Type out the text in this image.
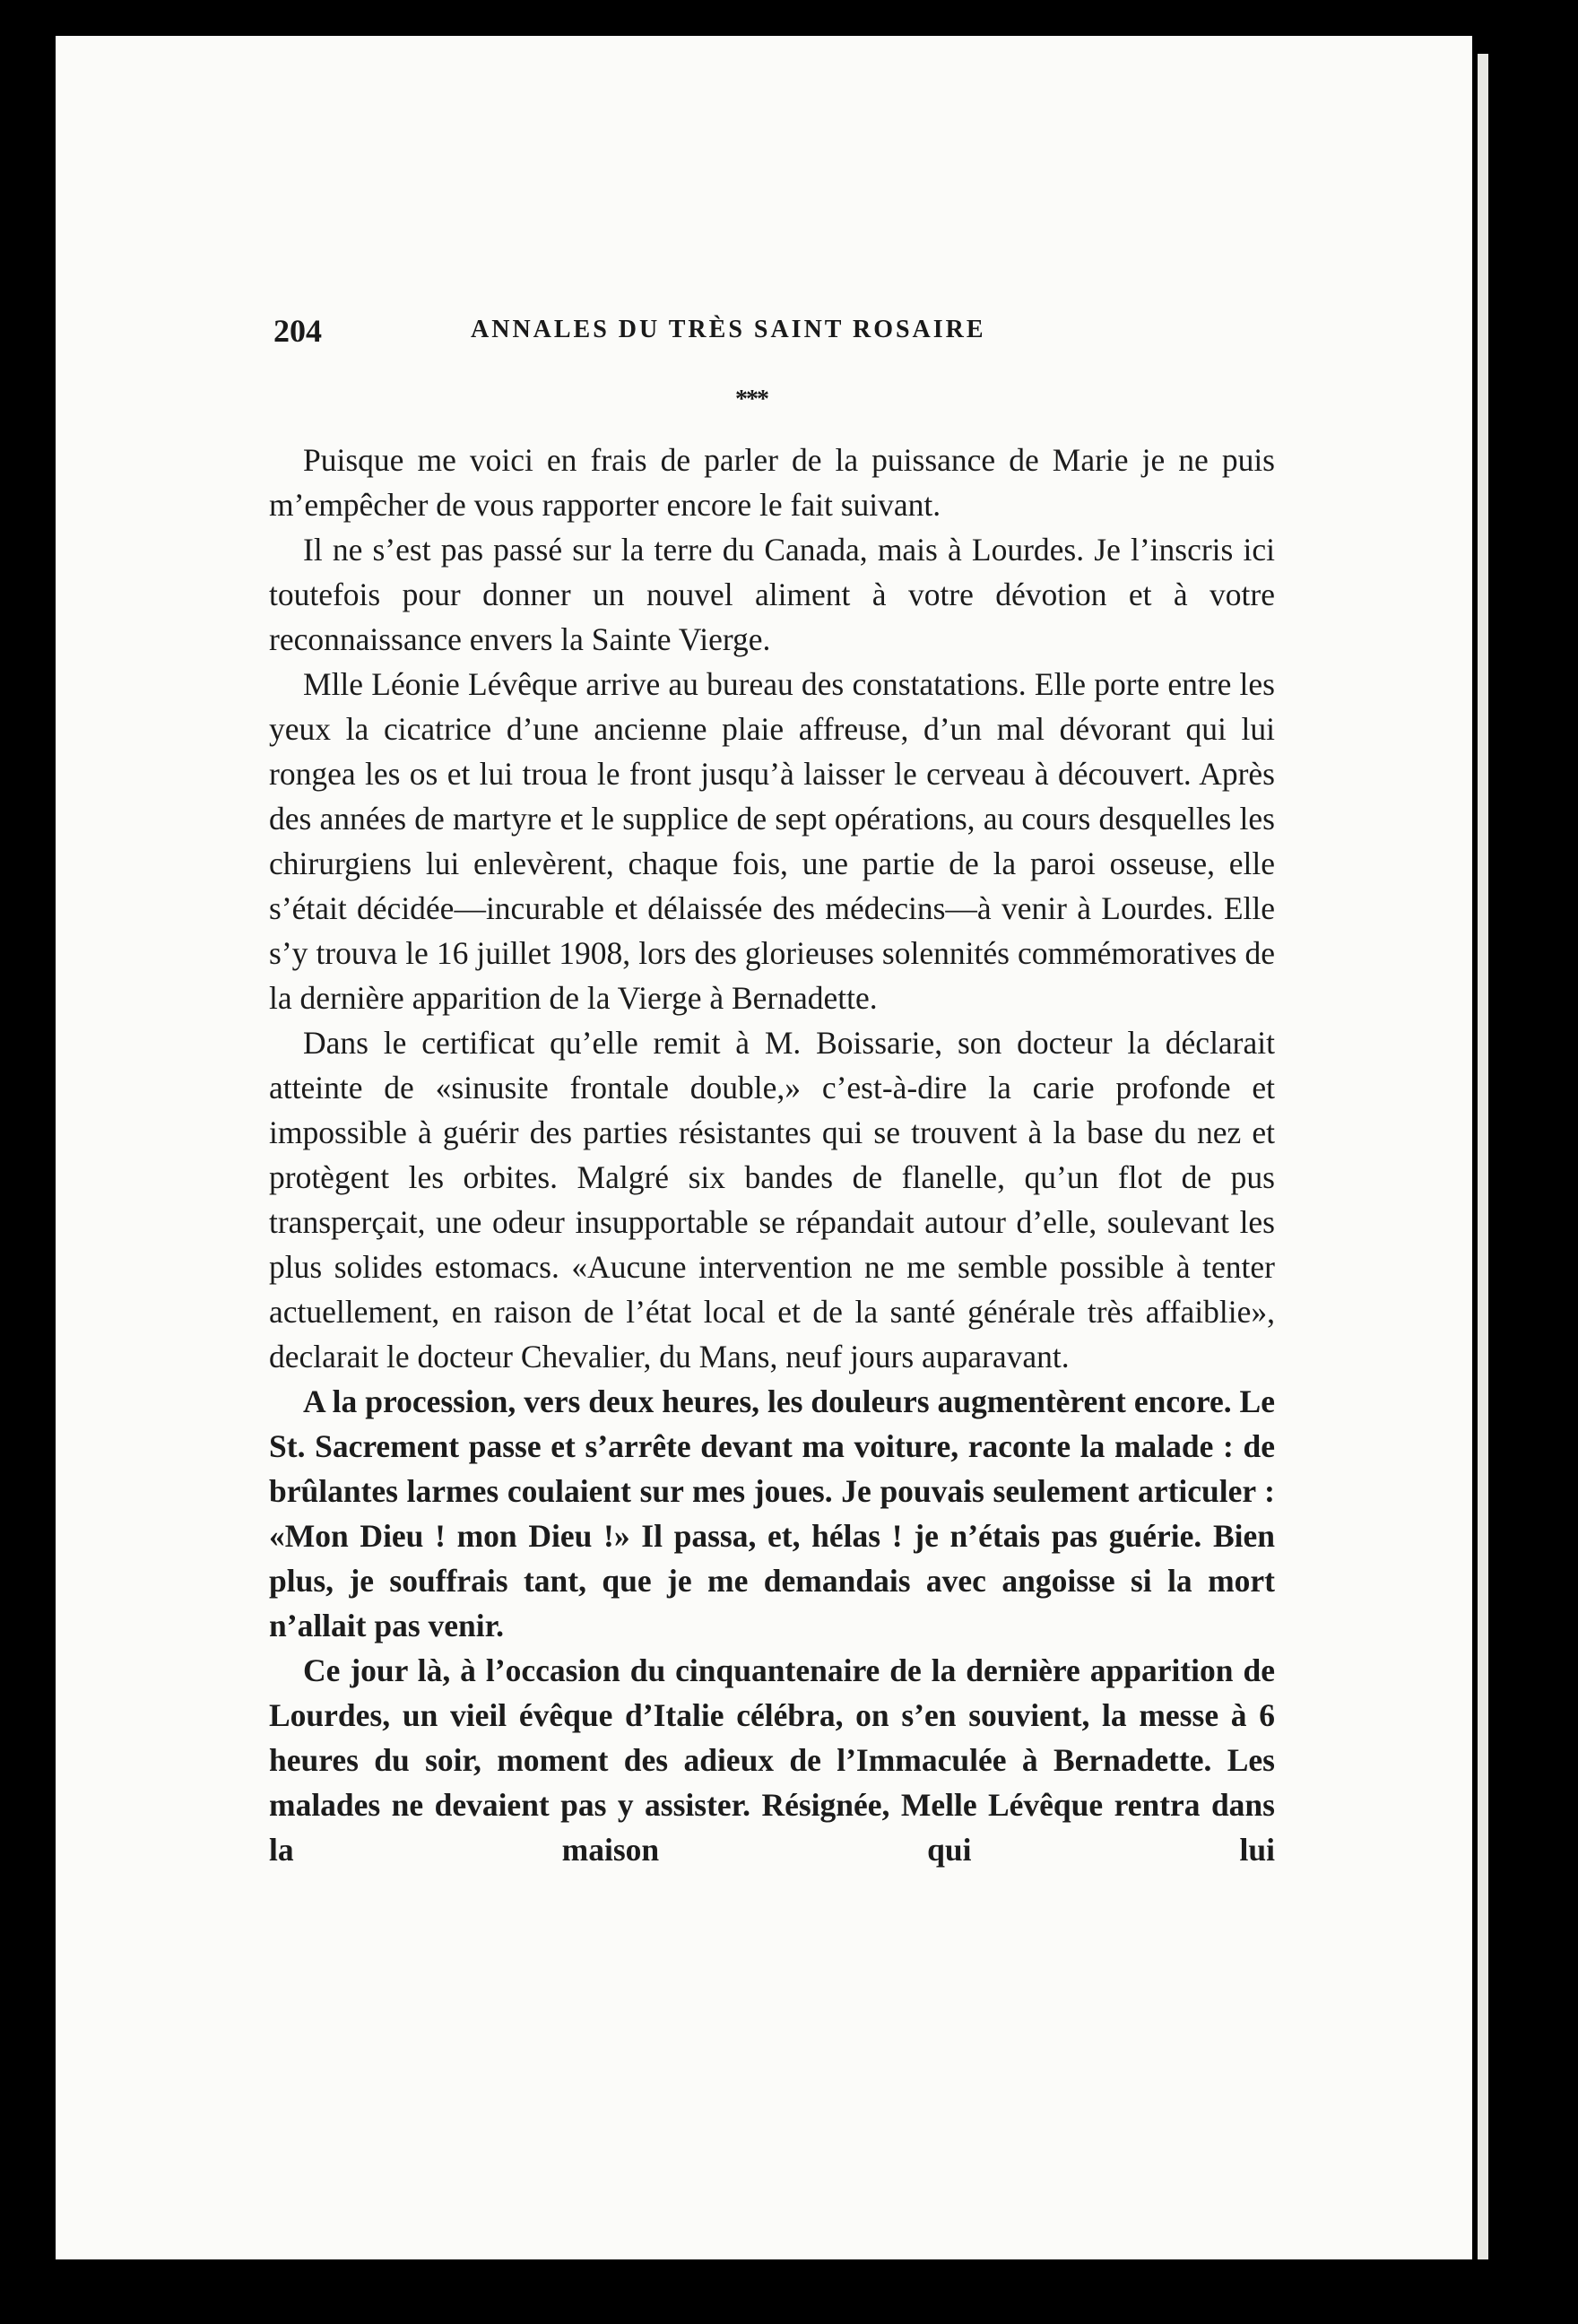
204	ANNALES DU TRÈS SAINT ROSAIRE
***

Puisque me voici en frais de parler de la puissance de Marie je ne puis m’empêcher de vous rapporter encore le fait suivant.

Il ne s’est pas passé sur la terre du Canada, mais à Lourdes. Je l’inscris ici toutefois pour donner un nouvel aliment à votre dévotion et à votre reconnaissance envers la Sainte Vierge.

Mlle Léonie Lévêque arrive au bureau des constatations. Elle porte entre les yeux la cicatrice d’une ancienne plaie affreuse, d’un mal dévorant qui lui rongea les os et lui troua le front jusqu’à laisser le cerveau à découvert. Après des années de martyre et le supplice de sept opérations, au cours desquelles les chirurgiens lui enlevèrent, chaque fois, une partie de la paroi osseuse, elle s’était décidée—incurable et délaissée des médecins—à venir à Lourdes. Elle s’y trouva le 16 juillet 1908, lors des glorieuses solennités commémoratives de la dernière apparition de la Vierge à Bernadette.

Dans le certificat qu’elle remit à M. Boissarie, son docteur la déclarait atteinte de «sinusite frontale double,» c’est-à-dire la carie profonde et impossible à guérir des parties résistantes qui se trouvent à la base du nez et protègent les orbites. Malgré six bandes de flanelle, qu’un flot de pus transperçait, une odeur insupportable se répandait autour d’elle, soulevant les plus solides estomacs. «Aucune intervention ne me semble possible à tenter actuellement, en raison de l’état local et de la santé générale très affaiblie», declarait le docteur Chevalier, du Mans, neuf jours auparavant.

A la procession, vers deux heures, les douleurs augmentèrent encore. Le St. Sacrement passe et s’arrête devant ma voiture, raconte la malade : de brûlantes larmes coulaient sur mes joues. Je pouvais seulement articuler : «Mon Dieu ! mon Dieu !» Il passa, et, hélas ! je n’étais pas guérie. Bien plus, je souffrais tant, que je me demandais avec angoisse si la mort n’allait pas venir.

Ce jour là, à l’occasion du cinquantenaire de la dernière apparition de Lourdes, un vieil évêque d’Italie célébra, on s’en souvient, la messe à 6 heures du soir, moment des adieux de l’Immaculée à Bernadette. Les malades ne devaient pas y assister. Résignée, Melle Lévêque rentra dans la maison qui lui
